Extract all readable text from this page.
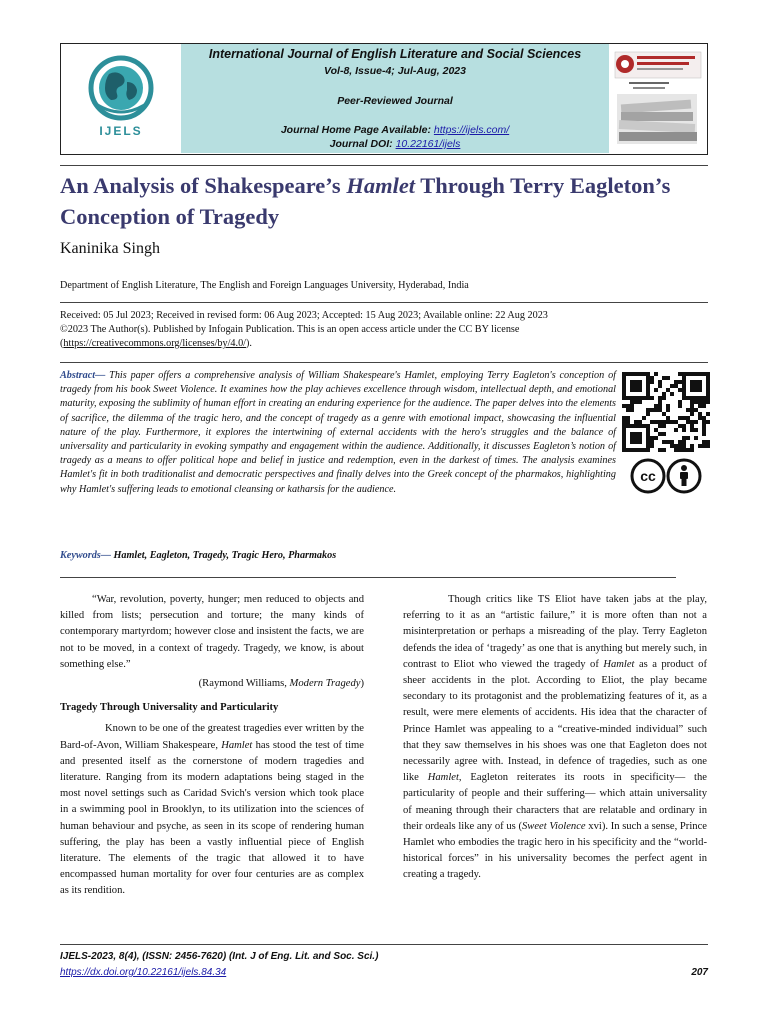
IJELS
International Journal of English Literature and Social Sciences
Vol-8, Issue-4; Jul-Aug, 2023
Peer-Reviewed Journal
Journal Home Page Available: https://ijels.com/
Journal DOI: 10.22161/ijels
An Analysis of Shakespeare’s Hamlet Through Terry Eagleton’s Conception of Tragedy
Kaninika Singh
Department of English Literature, The English and Foreign Languages University, Hyderabad, India
Received: 05 Jul 2023; Received in revised form: 06 Aug 2023; Accepted: 15 Aug 2023; Available online: 22 Aug 2023
©2023 The Author(s). Published by Infogain Publication. This is an open access article under the CC BY license
(https://creativecommons.org/licenses/by/4.0/).
Abstract— This paper offers a comprehensive analysis of William Shakespeare's Hamlet, employing Terry Eagleton's conception of tragedy from his book Sweet Violence. It examines how the play achieves excellence through wisdom, intellectual depth, and emotional maturity, exposing the sublimity of human effort in creating an enduring experience for the audience. The paper delves into the elements of sacrifice, the dilemma of the tragic hero, and the concept of tragedy as a genre with emotional impact, showcasing the influential nature of the play. Furthermore, it explores the intertwining of external accidents with the hero's struggles and the balance of universality and particularity in evoking sympathy and engagement within the audience. Additionally, it discusses Eagleton’s notion of tragedy as a means to offer political hope and belief in justice and redemption, even in the darkest of times. The analysis examines Hamlet's fit in both traditionalist and democratic perspectives and finally delves into the Greek concept of the pharmakos, highlighting why Hamlet's suffering leads to emotional cleansing or katharsis for the audience.
cc
Keywords— Hamlet, Eagleton, Tragedy, Tragic Hero, Pharmakos

“War, revolution, poverty, hunger; men reduced to objects and killed from lists; persecution and torture; the many kinds of contemporary martyrdom; however close and insistent the facts, we are not to be moved, in a context of tragedy. Tragedy, we know, is about something else.”

(Raymond Williams, Modern Tragedy)

Tragedy Through Universality and Particularity

Known to be one of the greatest tragedies ever written by the Bard-of-Avon, William Shakespeare, Hamlet has stood the test of time and presented itself as the cornerstone of modern tragedies and literature. Ranging from its modern adaptations being staged in the most novel settings such as Caridad Svich's version which took place in a swimming pool in Brooklyn, to its utilization into the sciences of human behaviour and psyche, as seen in its scope of rendering human suffering, the play has been a vastly influential piece of English literature. The elements of the tragic that allowed it to have encompassed human mortality for over four centuries are as complex as its rendition.

Though critics like TS Eliot have taken jabs at the play, referring to it as an “artistic failure,” it is more often than not a misinterpretation or perhaps a misreading of the play. Terry Eagleton defends the idea of ‘tragedy’ as one that is anything but merely such, in contrast to Eliot who viewed the tragedy of Hamlet as a product of sheer accidents in the plot. According to Eliot, the play became secondary to its protagonist and the problematizing features of it, as a result, were mere elements of accidents. His idea that the character of Prince Hamlet was appealing to a “creative-minded individual” such that they saw themselves in his shoes was one that Eagleton does not necessarily agree with. Instead, in defence of tragedies, such as one like Hamlet, Eagleton reiterates its roots in specificity— the particularity of people and their suffering— which attain universality of meaning through their characters that are relatable and ordinary in their ordeals like any of us (Sweet Violence xvi). In such a sense, Prince Hamlet who embodies the tragic hero in his specificity and the “world-historical forces” in his universality becomes the perfect agent in creating a tragedy.

IJELS-2023, 8(4), (ISSN: 2456-7620) (Int. J of Eng. Lit. and Soc. Sci.)
https://dx.doi.org/10.22161/ijels.84.34	207
